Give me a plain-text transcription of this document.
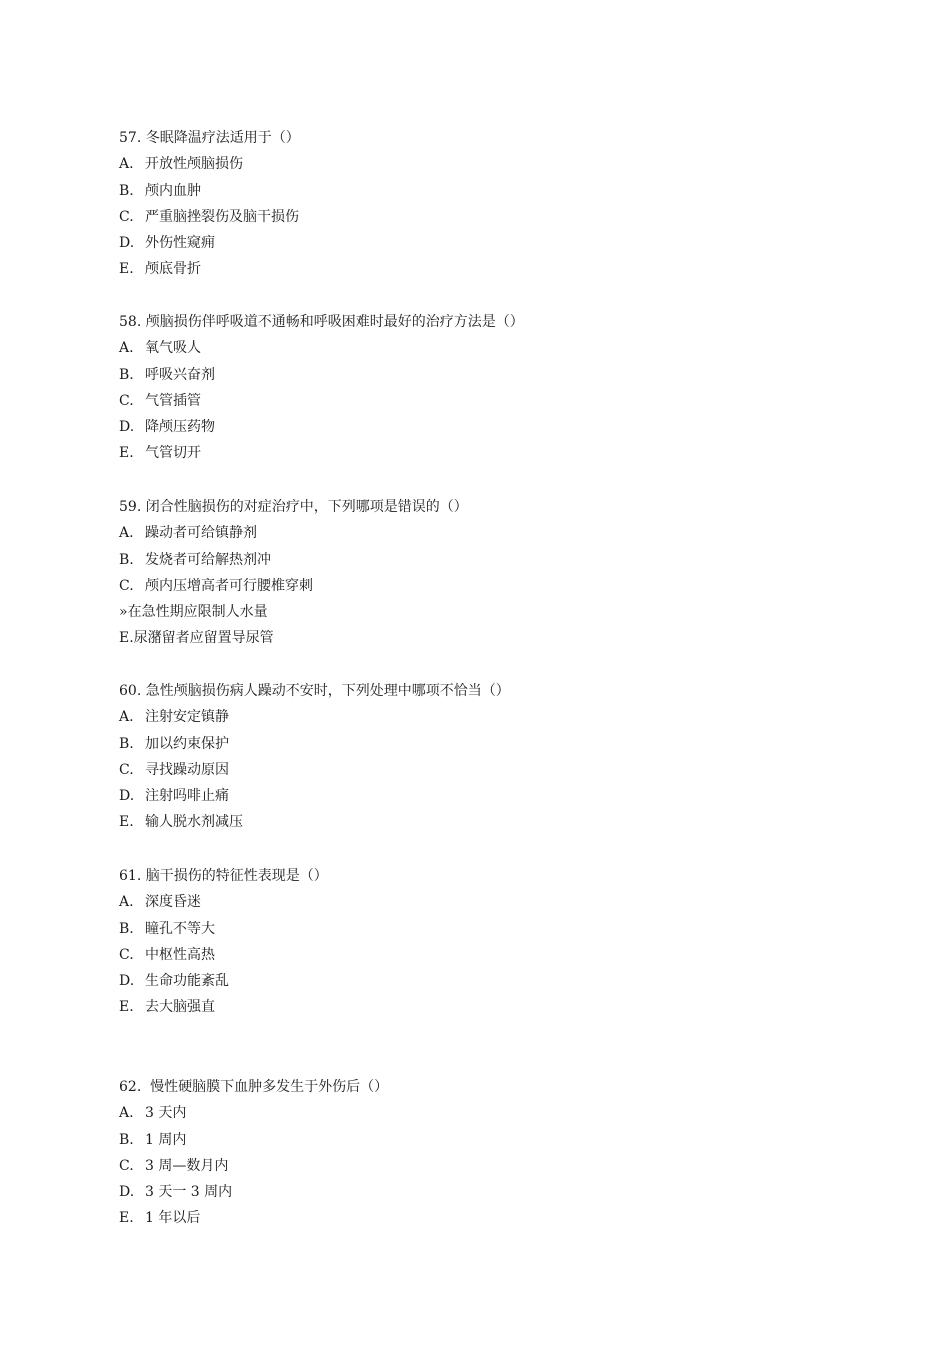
57. 冬眠降温疗法适用于（）
A. 开放性颅脑损伤
B. 颅内血肿
C. 严重脑挫裂伤及脑干损伤
D. 外伤性窥痈
E. 颅底骨折
58. 颅脑损伤伴呼吸道不通畅和呼吸困难时最好的治疗方法是（）
A. 氧气吸人
B. 呼吸兴奋剂
C. 气管插管
D. 降颅压药物
E. 气管切开
59. 闭合性脑损伤的对症治疗中，下列哪项是错误的（）
A. 躁动者可给镇静剂
B. 发烧者可给解热剂冲
C. 颅内压增高者可行腰椎穿刺
» 在急性期应限制人水量
E. 尿潴留者应留置导尿管
60. 急性颅脑损伤病人躁动不安时，下列处理中哪项不恰当（）
A. 注射安定镇静
B. 加以约束保护
C. 寻找躁动原因
D. 注射吗啡止痛
E. 输人脱水剂减压
61. 脑干损伤的特征性表现是（）
A. 深度昏迷
B. 瞳孔不等大
C. 中枢性高热
D. 生命功能紊乱
E. 去大脑强直
62.  慢性硬脑膜下血肿多发生于外伤后（）
A. 3 天内
B. 1 周内
C. 3 周—数月内
D. 3 天一 3 周内
E. 1 年以后
